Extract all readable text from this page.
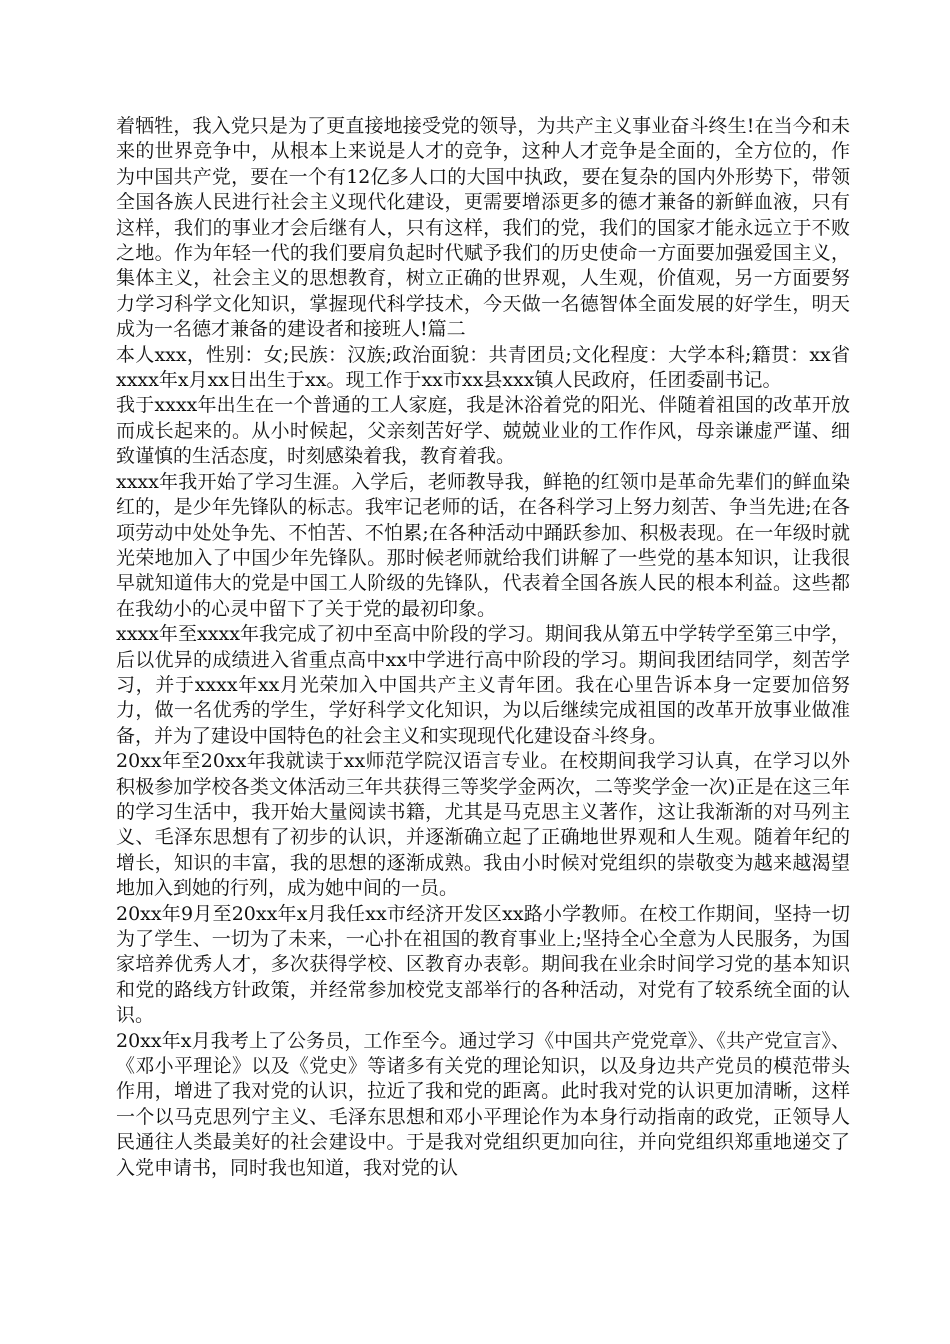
着牺牲，我入党只是为了更直接地接受党的领导，为共产主义事业奋斗终生!在当今和未来的世界竞争中，从根本上来说是人才的竞争，这种人才竞争是全面的，全方位的，作为中国共产党，要在一个有12亿多人口的大国中执政，要在复杂的国内外形势下，带领全国各族人民进行社会主义现代化建设，更需要增添更多的德才兼备的新鲜血液，只有这样，我们的事业才会后继有人，只有这样，我们的党，我们的国家才能永远立于不败之地。作为年轻一代的我们要肩负起时代赋予我们的历史使命一方面要加强爱国主义，集体主义，社会主义的思想教育，树立正确的世界观，人生观，价值观，另一方面要努力学习科学文化知识，掌握现代科学技术，今天做一名德智体全面发展的好学生，明天成为一名德才兼备的建设者和接班人!篇二

本人xxx，性别：女;民族：汉族;政治面貌：共青团员;文化程度：大学本科;籍贯：xx省xxxx年x月xx日出生于xx。现工作于xx市xx县xxx镇人民政府，任团委副书记。

我于xxxx年出生在一个普通的工人家庭，我是沐浴着党的阳光、伴随着祖国的改革开放而成长起来的。从小时候起，父亲刻苦好学、兢兢业业的工作作风，母亲谦虚严谨、细致谨慎的生活态度，时刻感染着我，教育着我。

xxxx年我开始了学习生涯。入学后，老师教导我，鲜艳的红领巾是革命先辈们的鲜血染红的，是少年先锋队的标志。我牢记老师的话，在各科学习上努力刻苦、争当先进;在各项劳动中处处争先、不怕苦、不怕累;在各种活动中踊跃参加、积极表现。在一年级时就光荣地加入了中国少年先锋队。那时候老师就给我们讲解了一些党的基本知识，让我很早就知道伟大的党是中国工人阶级的先锋队，代表着全国各族人民的根本利益。这些都在我幼小的心灵中留下了关于党的最初印象。

xxxx年至xxxx年我完成了初中至高中阶段的学习。期间我从第五中学转学至第三中学，后以优异的成绩进入省重点高中xx中学进行高中阶段的学习。期间我团结同学，刻苦学习，并于xxxx年xx月光荣加入中国共产主义青年团。我在心里告诉本身一定要加倍努力，做一名优秀的学生，学好科学文化知识，为以后继续完成祖国的改革开放事业做准备，并为了建设中国特色的社会主义和实现现代化建设奋斗终身。

20xx年至20xx年我就读于xx师范学院汉语言专业。在校期间我学习认真，在学习以外积极参加学校各类文体活动三年共获得三等奖学金两次，二等奖学金一次)正是在这三年的学习生活中，我开始大量阅读书籍，尤其是马克思主义著作，这让我渐渐的对马列主义、毛泽东思想有了初步的认识，并逐渐确立起了正确地世界观和人生观。随着年纪的增长，知识的丰富，我的思想的逐渐成熟。我由小时候对党组织的崇敬变为越来越渴望地加入到她的行列，成为她中间的一员。

20xx年9月至20xx年x月我任xx市经济开发区xx路小学教师。在校工作期间，坚持一切为了学生、一切为了未来，一心扑在祖国的教育事业上;坚持全心全意为人民服务，为国家培养优秀人才，多次获得学校、区教育办表彰。期间我在业余时间学习党的基本知识和党的路线方针政策，并经常参加校党支部举行的各种活动，对党有了较系统全面的认识。

20xx年x月我考上了公务员，工作至今。通过学习《中国共产党党章》、《共产党宣言》、《邓小平理论》以及《党史》等诸多有关党的理论知识，以及身边共产党员的模范带头作用，增进了我对党的认识，拉近了我和党的距离。此时我对党的认识更加清晰，这样一个以马克思列宁主义、毛泽东思想和邓小平理论作为本身行动指南的政党，正领导人民通往人类最美好的社会建设中。于是我对党组织更加向往，并向党组织郑重地递交了入党申请书，同时我也知道，我对党的认
